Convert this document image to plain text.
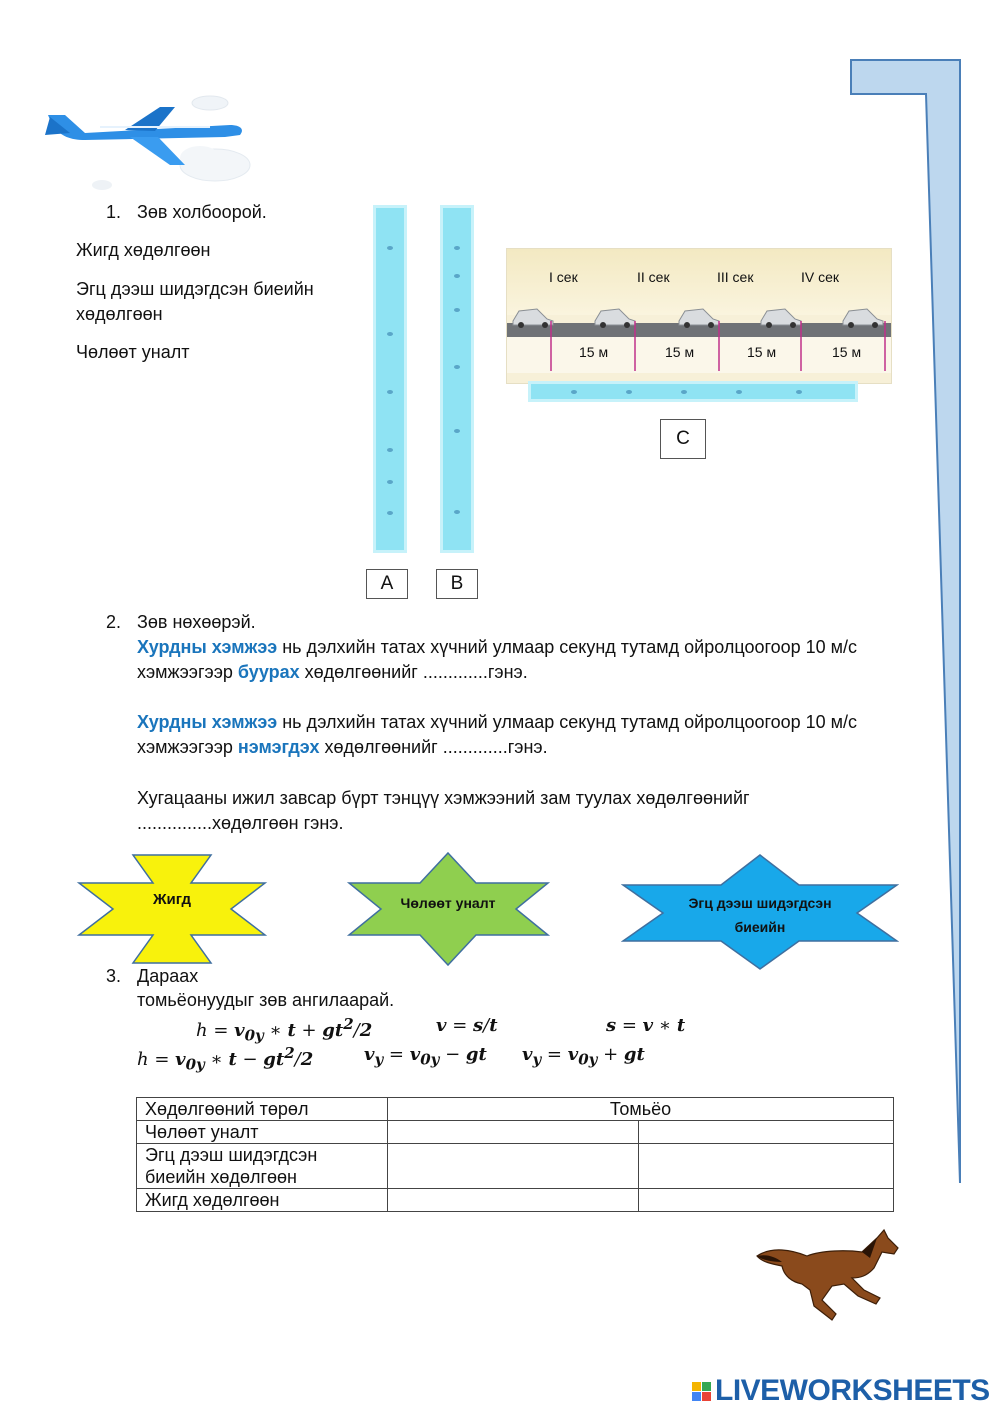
1. Зөв холбоорой.
Жигд хөдөлгөөн
Эгц дээш шидэгдсэн биеийн хөдөлгөөн
Чөлөөт уналт
A	B
I сек	II сек	III сек	IV сек
15 м	15 м	15 м	15 м
C
2. Зөв нөхөөрэй.
Хурдны хэмжээ нь дэлхийн татах хүчний улмаар секунд тутамд ойролцоогоор 10 м/с хэмжээгээр буурах хөдөлгөөнийг .............гэнэ.
Хурдны хэмжээ нь дэлхийн татах хүчний улмаар секунд тутамд ойролцоогоор 10 м/с хэмжээгээр нэмэгдэх хөдөлгөөнийг .............гэнэ.
Хугацааны ижил завсар бүрт тэнцүү хэмжээний зам туулах хөдөлгөөнийг ...............хөдөлгөөн гэнэ.
Жигд	Чөлөөт уналт	Эгц дээш шидэгдсэн биеийн
3. Дараах
томьёонуудыг зөв ангилаарай.
$h = v_{0y}$ ∗ $t + gt^2/2$	v = s/t	s = v ∗ t
$h = v_{0y}$ ∗ $t - gt^2/2$	$v_y = v_{0y}$ − gt $v_y = v_{0y}$ + gt
Хөдөлгөөний төрөл	Томьёо	
Чөлөөт уналт		
Эгц дээш шидэгдсэн биеийн хөдөлгөөн		
Жигд хөдөлгөөн		
LIVEWORKSHEETS
